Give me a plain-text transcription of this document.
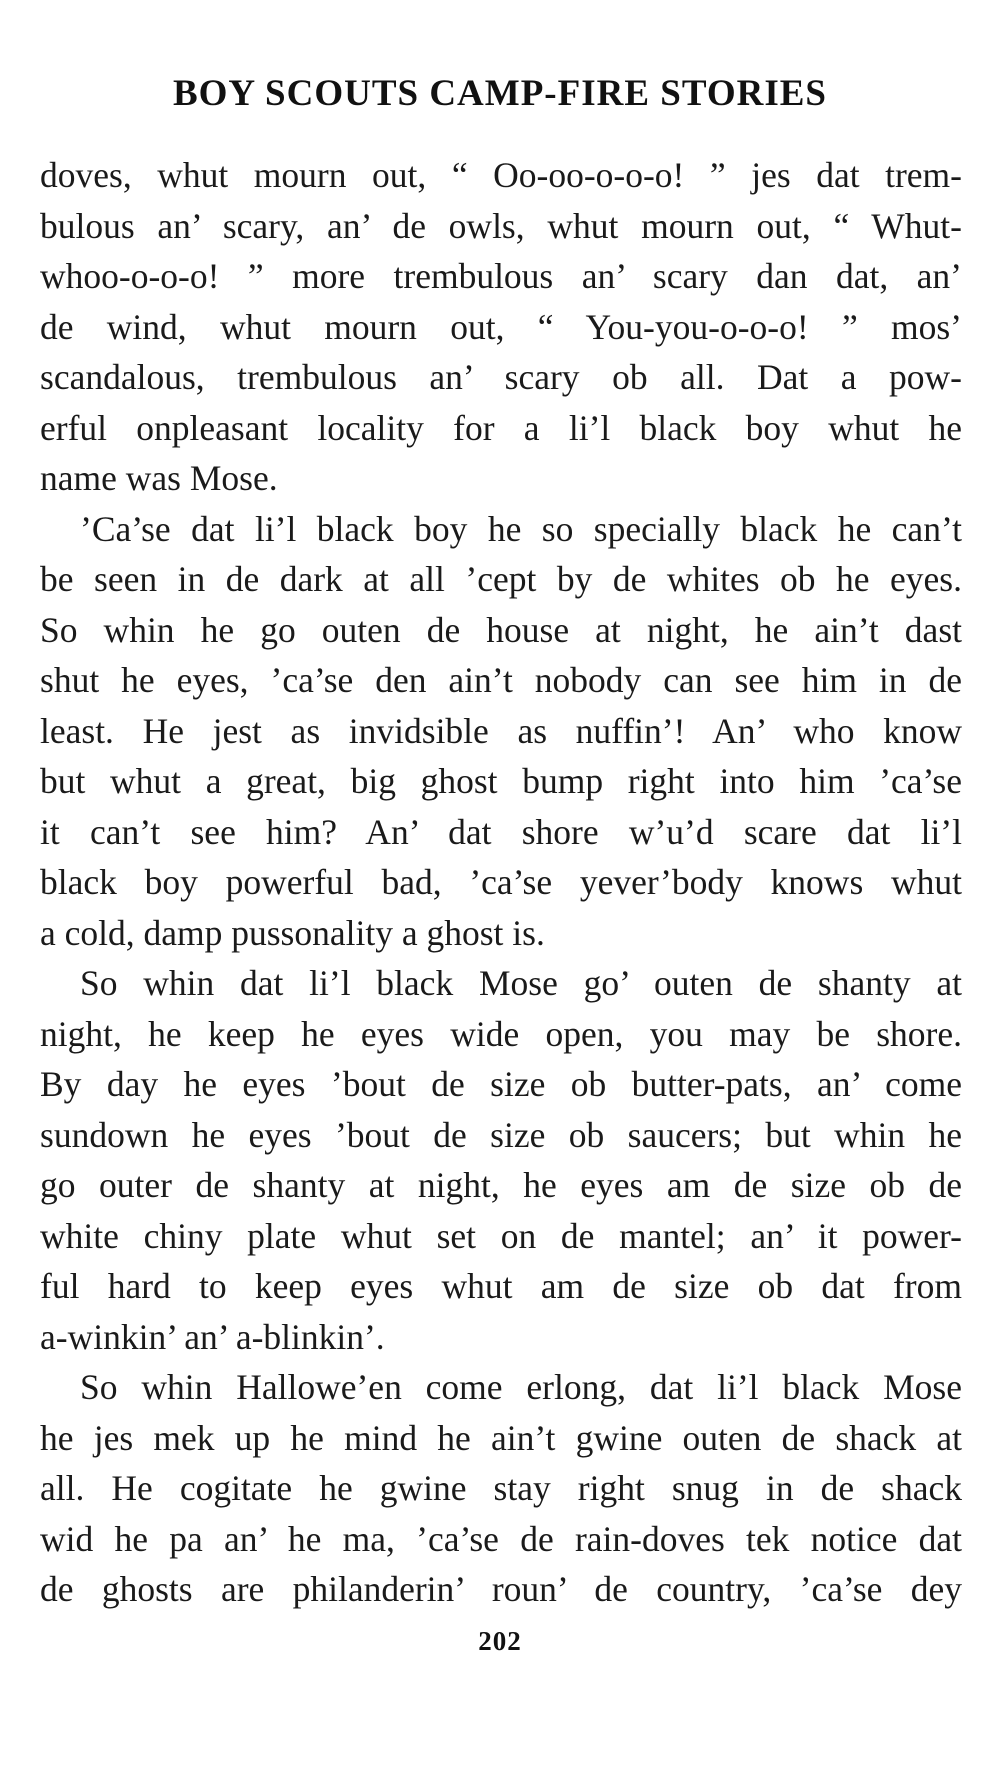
BOY SCOUTS CAMP-FIRE STORIES
doves, whut mourn out, “ Oo-oo-o-o-o! ” jes dat trem-
bulous an’ scary, an’ de owls, whut mourn out, “ Whut-
whoo-o-o-o! ” more trembulous an’ scary dan dat, an’
de wind, whut mourn out, “ You-you-o-o-o! ” mos’
scandalous, trembulous an’ scary ob all. Dat a pow-
erful onpleasant locality for a li’l black boy whut he
name was Mose.
’Ca’se dat li’l black boy he so specially black he can’t
be seen in de dark at all ’cept by de whites ob he eyes.
So whin he go outen de house at night, he ain’t dast
shut he eyes, ’ca’se den ain’t nobody can see him in de
least. He jest as invidsible as nuffin’! An’ who know
but whut a great, big ghost bump right into him ’ca’se
it can’t see him? An’ dat shore w’u’d scare dat li’l
black boy powerful bad, ’ca’se yever’body knows whut
a cold, damp pussonality a ghost is.
So whin dat li’l black Mose go’ outen de shanty at
night, he keep he eyes wide open, you may be shore.
By day he eyes ’bout de size ob butter-pats, an’ come
sundown he eyes ’bout de size ob saucers; but whin he
go outer de shanty at night, he eyes am de size ob de
white chiny plate whut set on de mantel; an’ it power-
ful hard to keep eyes whut am de size ob dat from
a-winkin’ an’ a-blinkin’.
So whin Hallowe’en come erlong, dat li’l black Mose
he jes mek up he mind he ain’t gwine outen de shack at
all. He cogitate he gwine stay right snug in de shack
wid he pa an’ he ma, ’ca’se de rain-doves tek notice dat
de ghosts are philanderin’ roun’ de country, ’ca’se dey
202
